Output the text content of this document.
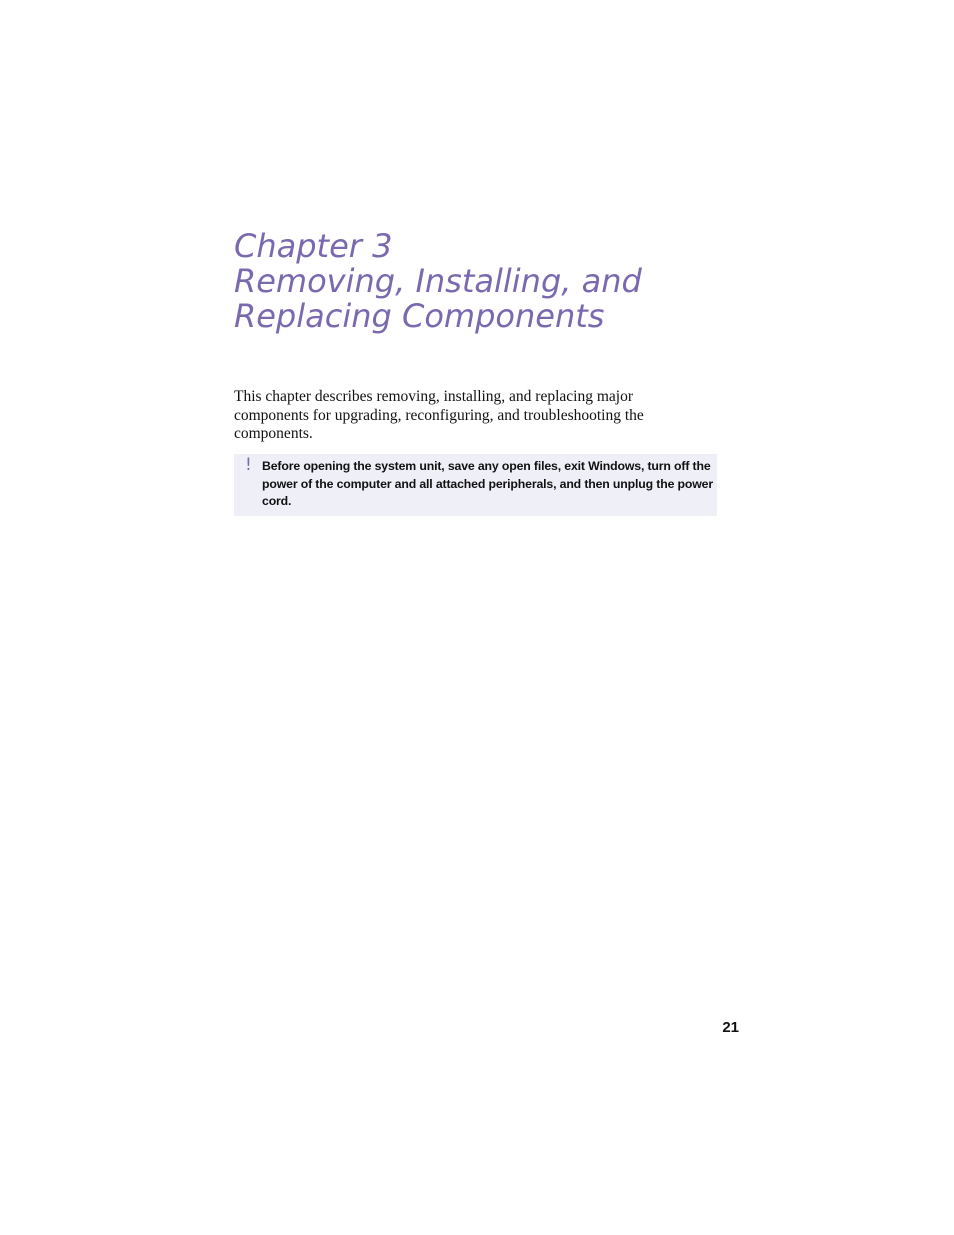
Chapter 3
Removing, Installing, and
Replacing Components

This chapter describes removing, installing, and replacing major components for upgrading, reconfiguring, and troubleshooting the components.

! Before opening the system unit, save any open files, exit Windows, turn off the power of the computer and all attached peripherals, and then unplug the power cord.

21
